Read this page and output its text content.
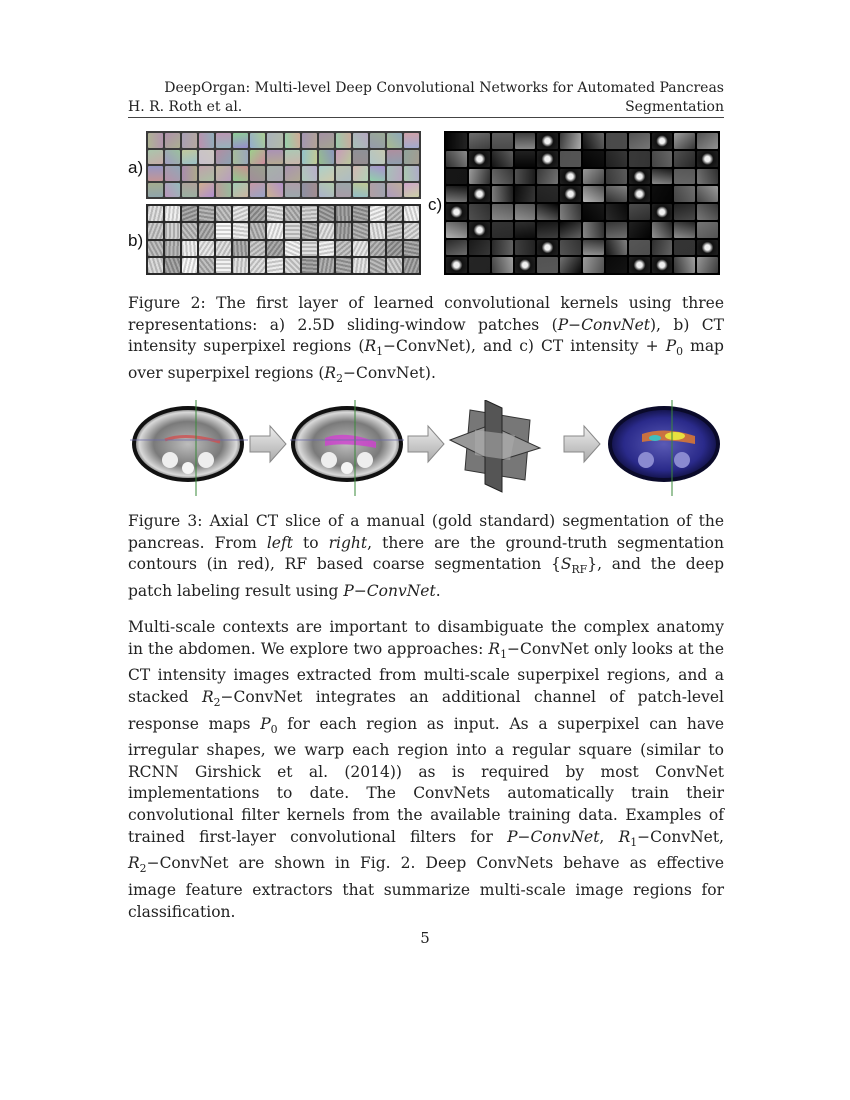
DeepOrgan: Multi-level Deep Convolutional Networks for Automated Pancreas
H. R. Roth et al.	Segmentation
a)
b)
c)
Figure 2: The first layer of learned convolutional kernels using three representations: a) 2.5D sliding-window patches (P−ConvNet), b) CT intensity superpixel regions $(R_1-ConvNet)$, and c) CT intensity + $P_0$ map over superpixel regions $(R_2-ConvNet)$.
Figure 3: Axial CT slice of a manual (gold standard) segmentation of the pancreas. From left to right, there are the ground-truth segmentation contours (in red), RF based coarse segmentation $\{S_{RF}\}$, and the deep patch labeling result using P−ConvNet.
Multi-scale contexts are important to disambiguate the complex anatomy in the abdomen. We explore two approaches: $R_1-ConvNet$ only looks at the CT intensity images extracted from multi-scale superpixel regions, and a stacked $R_2-ConvNet$ integrates an additional channel of patch-level response maps $P_0$ for each region as input. As a superpixel can have irregular shapes, we warp each region into a regular square (similar to RCNN Girshick et al. (2014)) as is required by most ConvNet implementations to date. The ConvNets automatically train their convolutional filter kernels from the available training data. Examples of trained first-layer convolutional filters for P−ConvNet, $R_1-ConvNet$, $R_2-ConvNet$ are shown in Fig. 2. Deep ConvNets behave as effective image feature extractors that summarize multi-scale image regions for classification.
5
